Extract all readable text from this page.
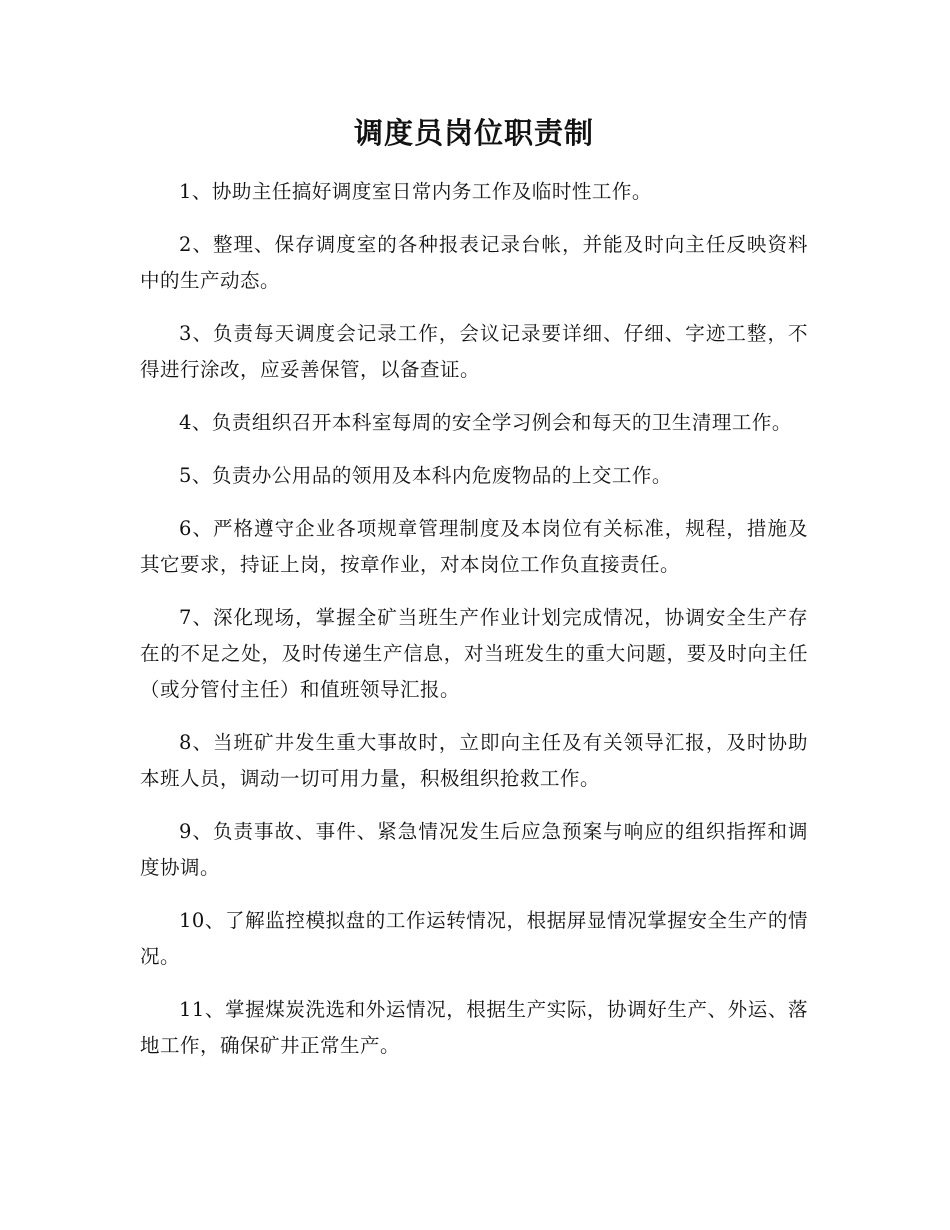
调度员岗位职责制

1、协助主任搞好调度室日常内务工作及临时性工作。

2、整理、保存调度室的各种报表记录台帐，并能及时向主任反映资料中的生产动态。

3、负责每天调度会记录工作，会议记录要详细、仔细、字迹工整，不得进行涂改，应妥善保管，以备查证。

4、负责组织召开本科室每周的安全学习例会和每天的卫生清理工作。

5、负责办公用品的领用及本科内危废物品的上交工作。

6、严格遵守企业各项规章管理制度及本岗位有关标准，规程，措施及其它要求，持证上岗，按章作业，对本岗位工作负直接责任。

7、深化现场，掌握全矿当班生产作业计划完成情况，协调安全生产存在的不足之处，及时传递生产信息，对当班发生的重大问题，要及时向主任（或分管付主任）和值班领导汇报。

8、当班矿井发生重大事故时，立即向主任及有关领导汇报，及时协助本班人员，调动一切可用力量，积极组织抢救工作。

9、负责事故、事件、紧急情况发生后应急预案与响应的组织指挥和调度协调。

10、了解监控模拟盘的工作运转情况，根据屏显情况掌握安全生产的情况。

11、掌握煤炭洗选和外运情况，根据生产实际，协调好生产、外运、落地工作，确保矿井正常生产。
